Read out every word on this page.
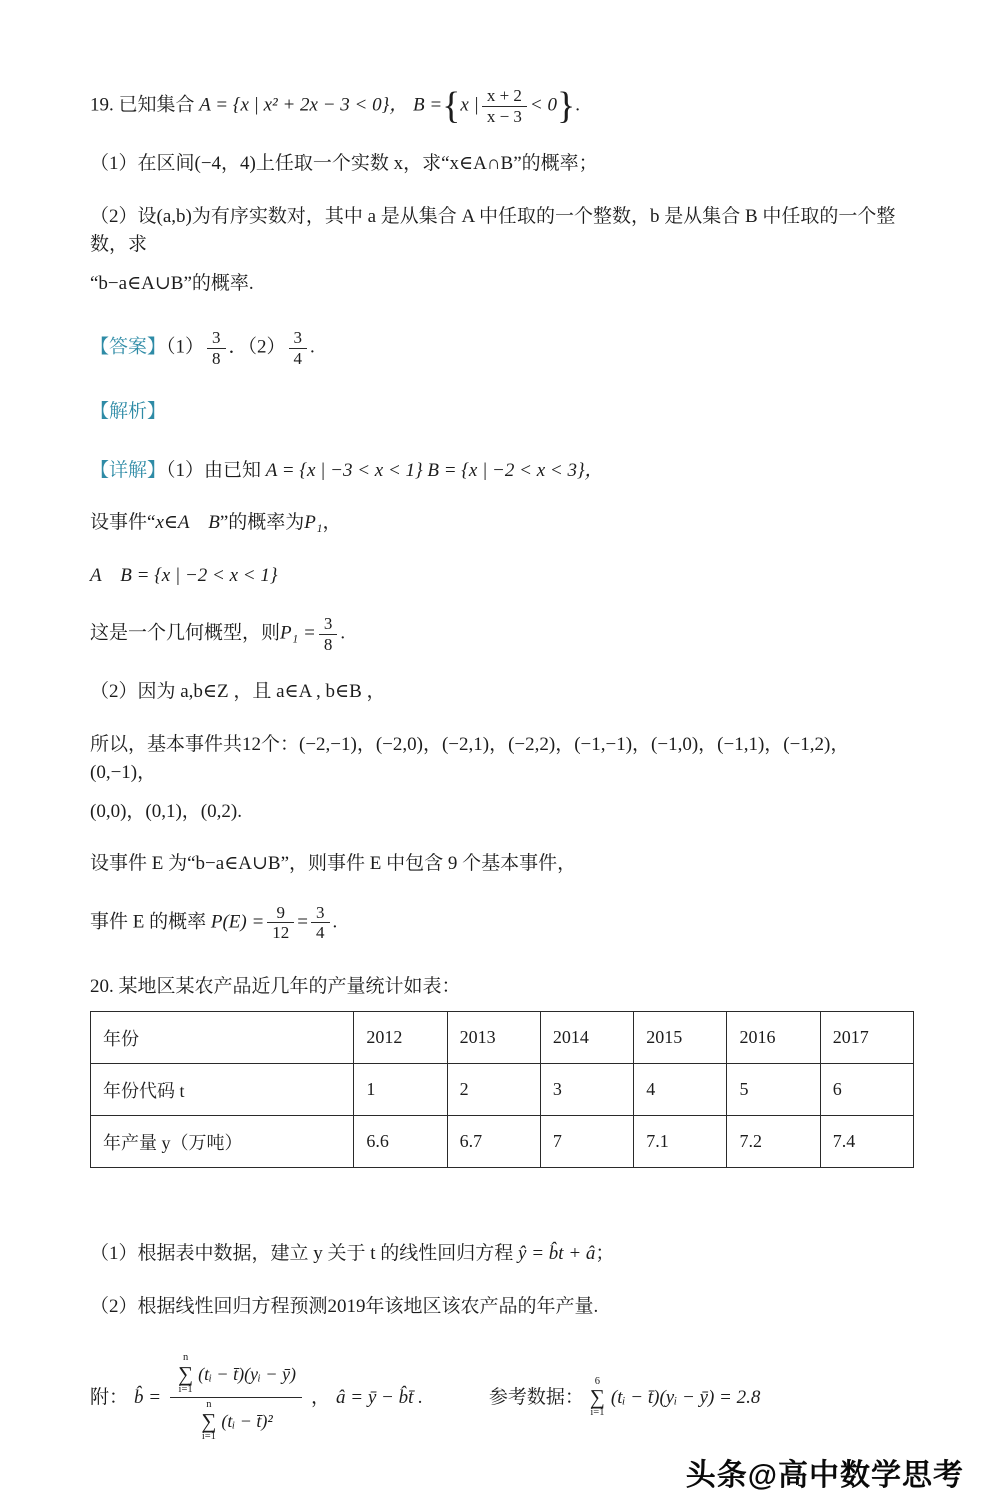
19. 已知集合 A = {x | x² + 2x − 3 < 0}， B ={x | $\frac{x + 2}{x - 3} < 0$}.

（1）在区间(−4，4)上任取一个实数 x，求“x∈A∩B”的概率；

（2）设(a,b)为有序实数对，其中 a 是从集合 A 中任取的一个整数，b 是从集合 B 中任取的一个整数，求

“b−a∈A∪B”的概率.

【答案】$(1) \frac{3}{8}$ ．$(2) \frac{3}{4}$ .

【解析】

【详解】（1）由已知 A = {x | −3 < x < 1} B = {x | −2 < x < 3}，

设事件“x∈A　B”的概率为P₁，

A　B = {x | −2 < x < 1}

这是一个几何概型，则$P_1 = \frac{3}{8}$ .

（2）因为 a,b∈Z ，且 a∈A , b∈B ，

所以，基本事件共12个：(−2,−1)，(−2,0)，(−2,1)，(−2,2)，(−1,−1)，(−1,0)，(−1,1)，(−1,2)，(0,−1)，

(0,0)，(0,1)，(0,2).

设事件 E 为“b−a∈A∪B”，则事件 E 中包含 9 个基本事件，

事件 E 的概率 $P(E) = \frac{9}{12} = \frac{3}{4}$ .

20. 某地区某农产品近几年的产量统计如表：

年份	2012	2013	2014	2015	2016	2017
年份代码 t	1	2	3	4	5	6
年产量 y（万吨）	6.6	6.7	7	7.1	7.2	7.4

（1）根据表中数据，建立 y 关于 t 的线性回归方程 ŷ = b̂t + â；

（2）根据线性回归方程预测2019年该地区该农产品的年产量.

附： b̂ = n
∑
i=1
(tᵢ − t̄)(yᵢ − ȳ)
n
∑
i=1
(tᵢ − t̄)² ， â = ȳ − b̂t̄ .	参考数据：
6
∑
i=1
(tᵢ − t̄)(yᵢ − ȳ) = 2.8

头条@高中数学思考
